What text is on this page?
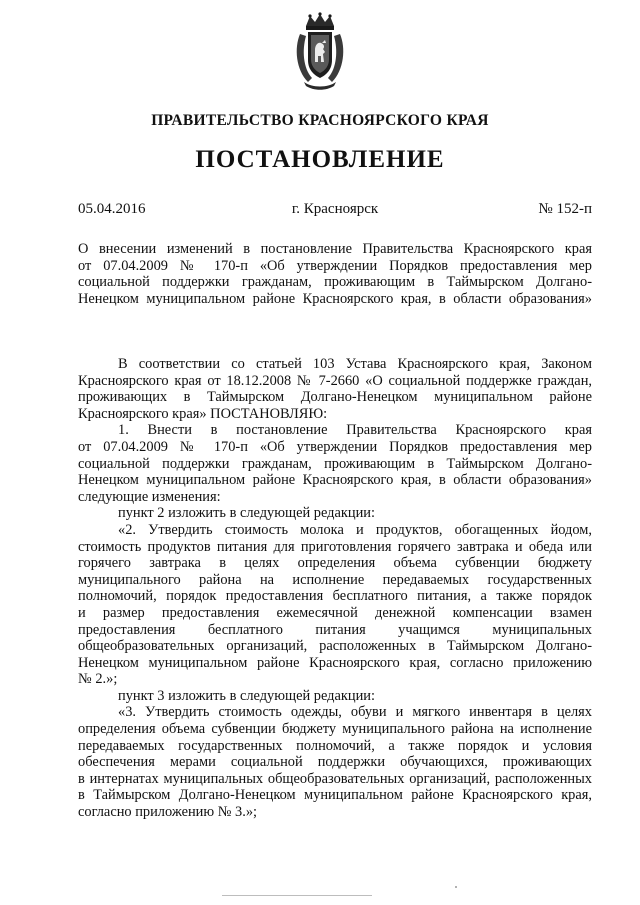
ПРАВИТЕЛЬСТВО КРАСНОЯРСКОГО КРАЯ
ПОСТАНОВЛЕНИЕ
05.04.2016	г. Красноярск	№ 152-п
О внесении изменений в постановление Правительства Красноярского края
от 07.04.2009 № 170-п «Об утверждении Порядков предоставления мер
социальной поддержки гражданам, проживающим в Таймырском Долгано-
Ненецком муниципальном районе Красноярского края, в области образования»
В соответствии со статьей 103 Устава Красноярского края, Законом
Красноярского края от 18.12.2008 № 7-2660 «О социальной поддержке граждан,
проживающих в Таймырском Долгано-Ненецком муниципальном районе
Красноярского края» ПОСТАНОВЛЯЮ:
1. Внести в постановление Правительства Красноярского края
от 07.04.2009 № 170-п «Об утверждении Порядков предоставления мер
социальной поддержки гражданам, проживающим в Таймырском Долгано-
Ненецком муниципальном районе Красноярского края, в области образования»
следующие изменения:
пункт 2 изложить в следующей редакции:
«2. Утвердить стоимость молока и продуктов, обогащенных йодом,
стоимость продуктов питания для приготовления горячего завтрака и обеда или
горячего завтрака в целях определения объема субвенции бюджету
муниципального района на исполнение передаваемых государственных
полномочий, порядок предоставления бесплатного питания, а также порядок
и размер предоставления ежемесячной денежной компенсации взамен
предоставления бесплатного питания учащимся муниципальных
общеобразовательных организаций, расположенных в Таймырском Долгано-
Ненецком муниципальном районе Красноярского края, согласно приложению
№ 2.»;
пункт 3 изложить в следующей редакции:
«3. Утвердить стоимость одежды, обуви и мягкого инвентаря в целях
определения объема субвенции бюджету муниципального района на исполнение
передаваемых государственных полномочий, а также порядок и условия
обеспечения мерами социальной поддержки обучающихся, проживающих
в интернатах муниципальных общеобразовательных организаций, расположенных
в Таймырском Долгано-Ненецком муниципальном районе Красноярского края,
согласно приложению № 3.»;
